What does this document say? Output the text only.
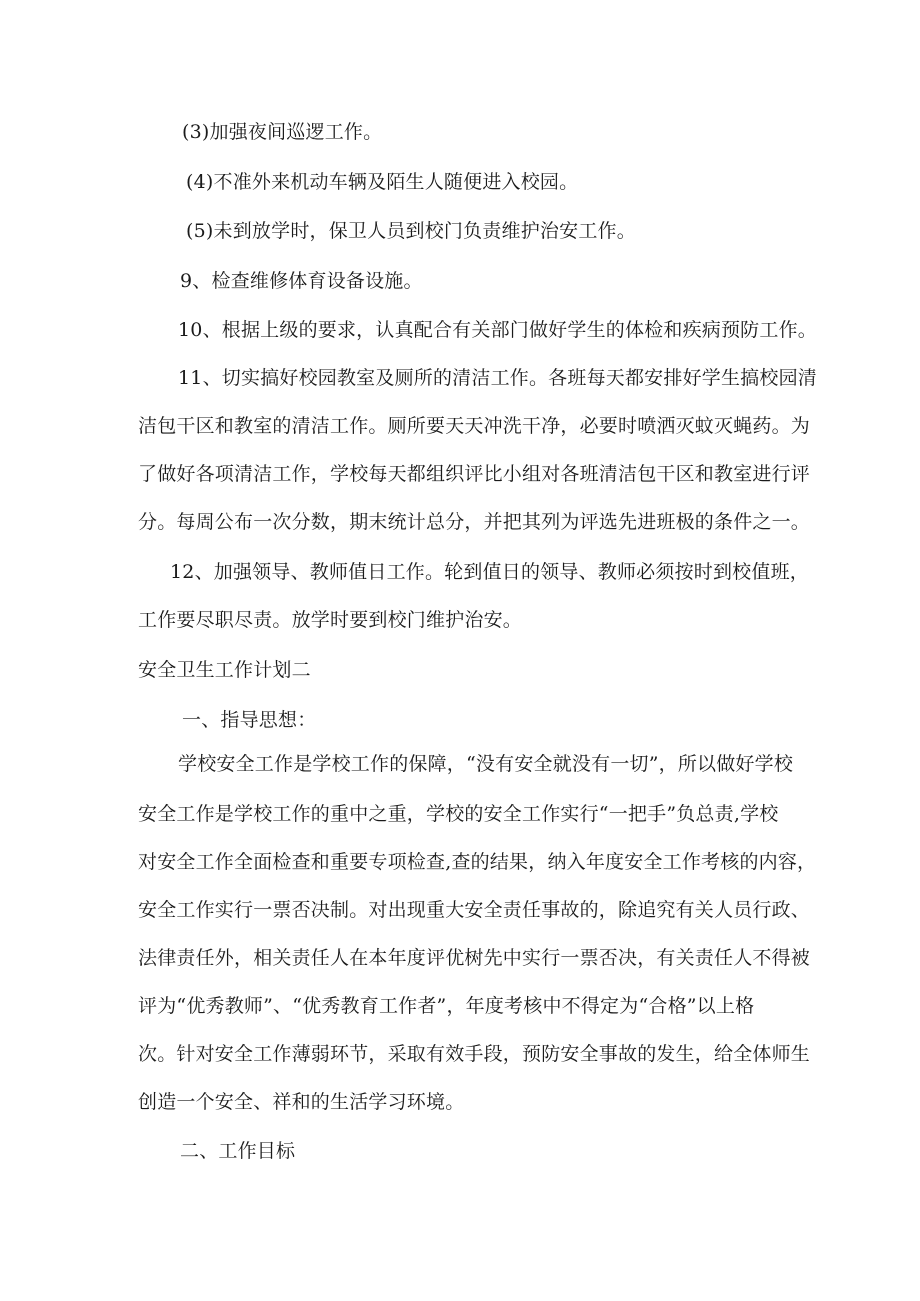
(3)加强夜间巡逻工作。
(4)不准外来机动车辆及陌生人随便进入校园。
(5)未到放学时，保卫人员到校门负责维护治安工作。
9、检查维修体育设备设施。
10、根据上级的要求，认真配合有关部门做好学生的体检和疾病预防工作。
11、切实搞好校园教室及厕所的清洁工作。各班每天都安排好学生搞校园清
洁包干区和教室的清洁工作。厕所要天天冲洗干净，必要时喷洒灭蚊灭蝇药。为
了做好各项清洁工作，学校每天都组织评比小组对各班清洁包干区和教室进行评
分。每周公布一次分数，期末统计总分，并把其列为评选先进班极的条件之一。
12、加强领导、教师值日工作。轮到值日的领导、教师必须按时到校值班，
工作要尽职尽责。放学时要到校门维护治安。
安全卫生工作计划二
一、指导思想：
学校安全工作是学校工作的保障，“没有安全就没有一切”，所以做好学校
安全工作是学校工作的重中之重，学校的安全工作实行“一把手”负总责,学校
对安全工作全面检查和重要专项检查,查的结果，纳入年度安全工作考核的内容，
安全工作实行一票否决制。对出现重大安全责任事故的，除追究有关人员行政、
法律责任外，相关责任人在本年度评优树先中实行一票否决，有关责任人不得被
评为“优秀教师”、“优秀教育工作者”，年度考核中不得定为“合格”以上格
次。针对安全工作薄弱环节，采取有效手段，预防安全事故的发生，给全体师生
创造一个安全、祥和的生活学习环境。
二、工作目标
